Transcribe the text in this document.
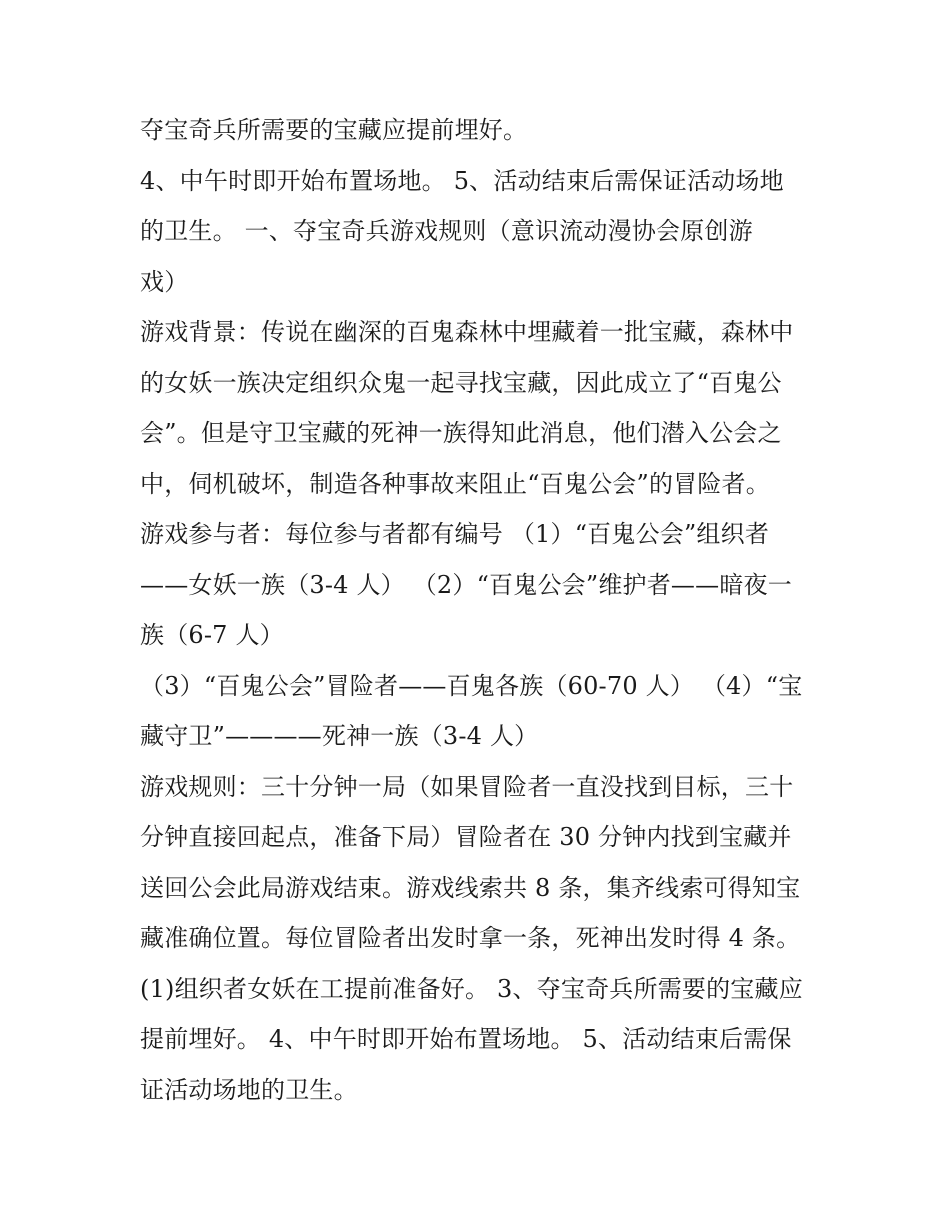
夺宝奇兵所需要的宝藏应提前埋好。
4、中午时即开始布置场地。 5、活动结束后需保证活动场地
的卫生。 一、夺宝奇兵游戏规则（意识流动漫协会原创游
戏）
游戏背景：传说在幽深的百鬼森林中埋藏着一批宝藏，森林中
的女妖一族决定组织众鬼一起寻找宝藏，因此成立了“百鬼公
会”。但是守卫宝藏的死神一族得知此消息，他们潜入公会之
中，伺机破坏，制造各种事故来阻止“百鬼公会”的冒险者。
游戏参与者：每位参与者都有编号 （1）“百鬼公会”组织者
——女妖一族（3-4 人） （2）“百鬼公会”维护者——暗夜一
族（6-7 人）
（3）“百鬼公会”冒险者——百鬼各族（60-70 人） （4）“宝
藏守卫”————死神一族（3-4 人）
游戏规则：三十分钟一局（如果冒险者一直没找到目标，三十
分钟直接回起点，准备下局）冒险者在 30 分钟内找到宝藏并
送回公会此局游戏结束。游戏线索共 8 条，集齐线索可得知宝
藏准确位置。每位冒险者出发时拿一条，死神出发时得 4 条。
(1)组织者女妖在工提前准备好。 3、夺宝奇兵所需要的宝藏应
提前埋好。 4、中午时即开始布置场地。 5、活动结束后需保
证活动场地的卫生。
